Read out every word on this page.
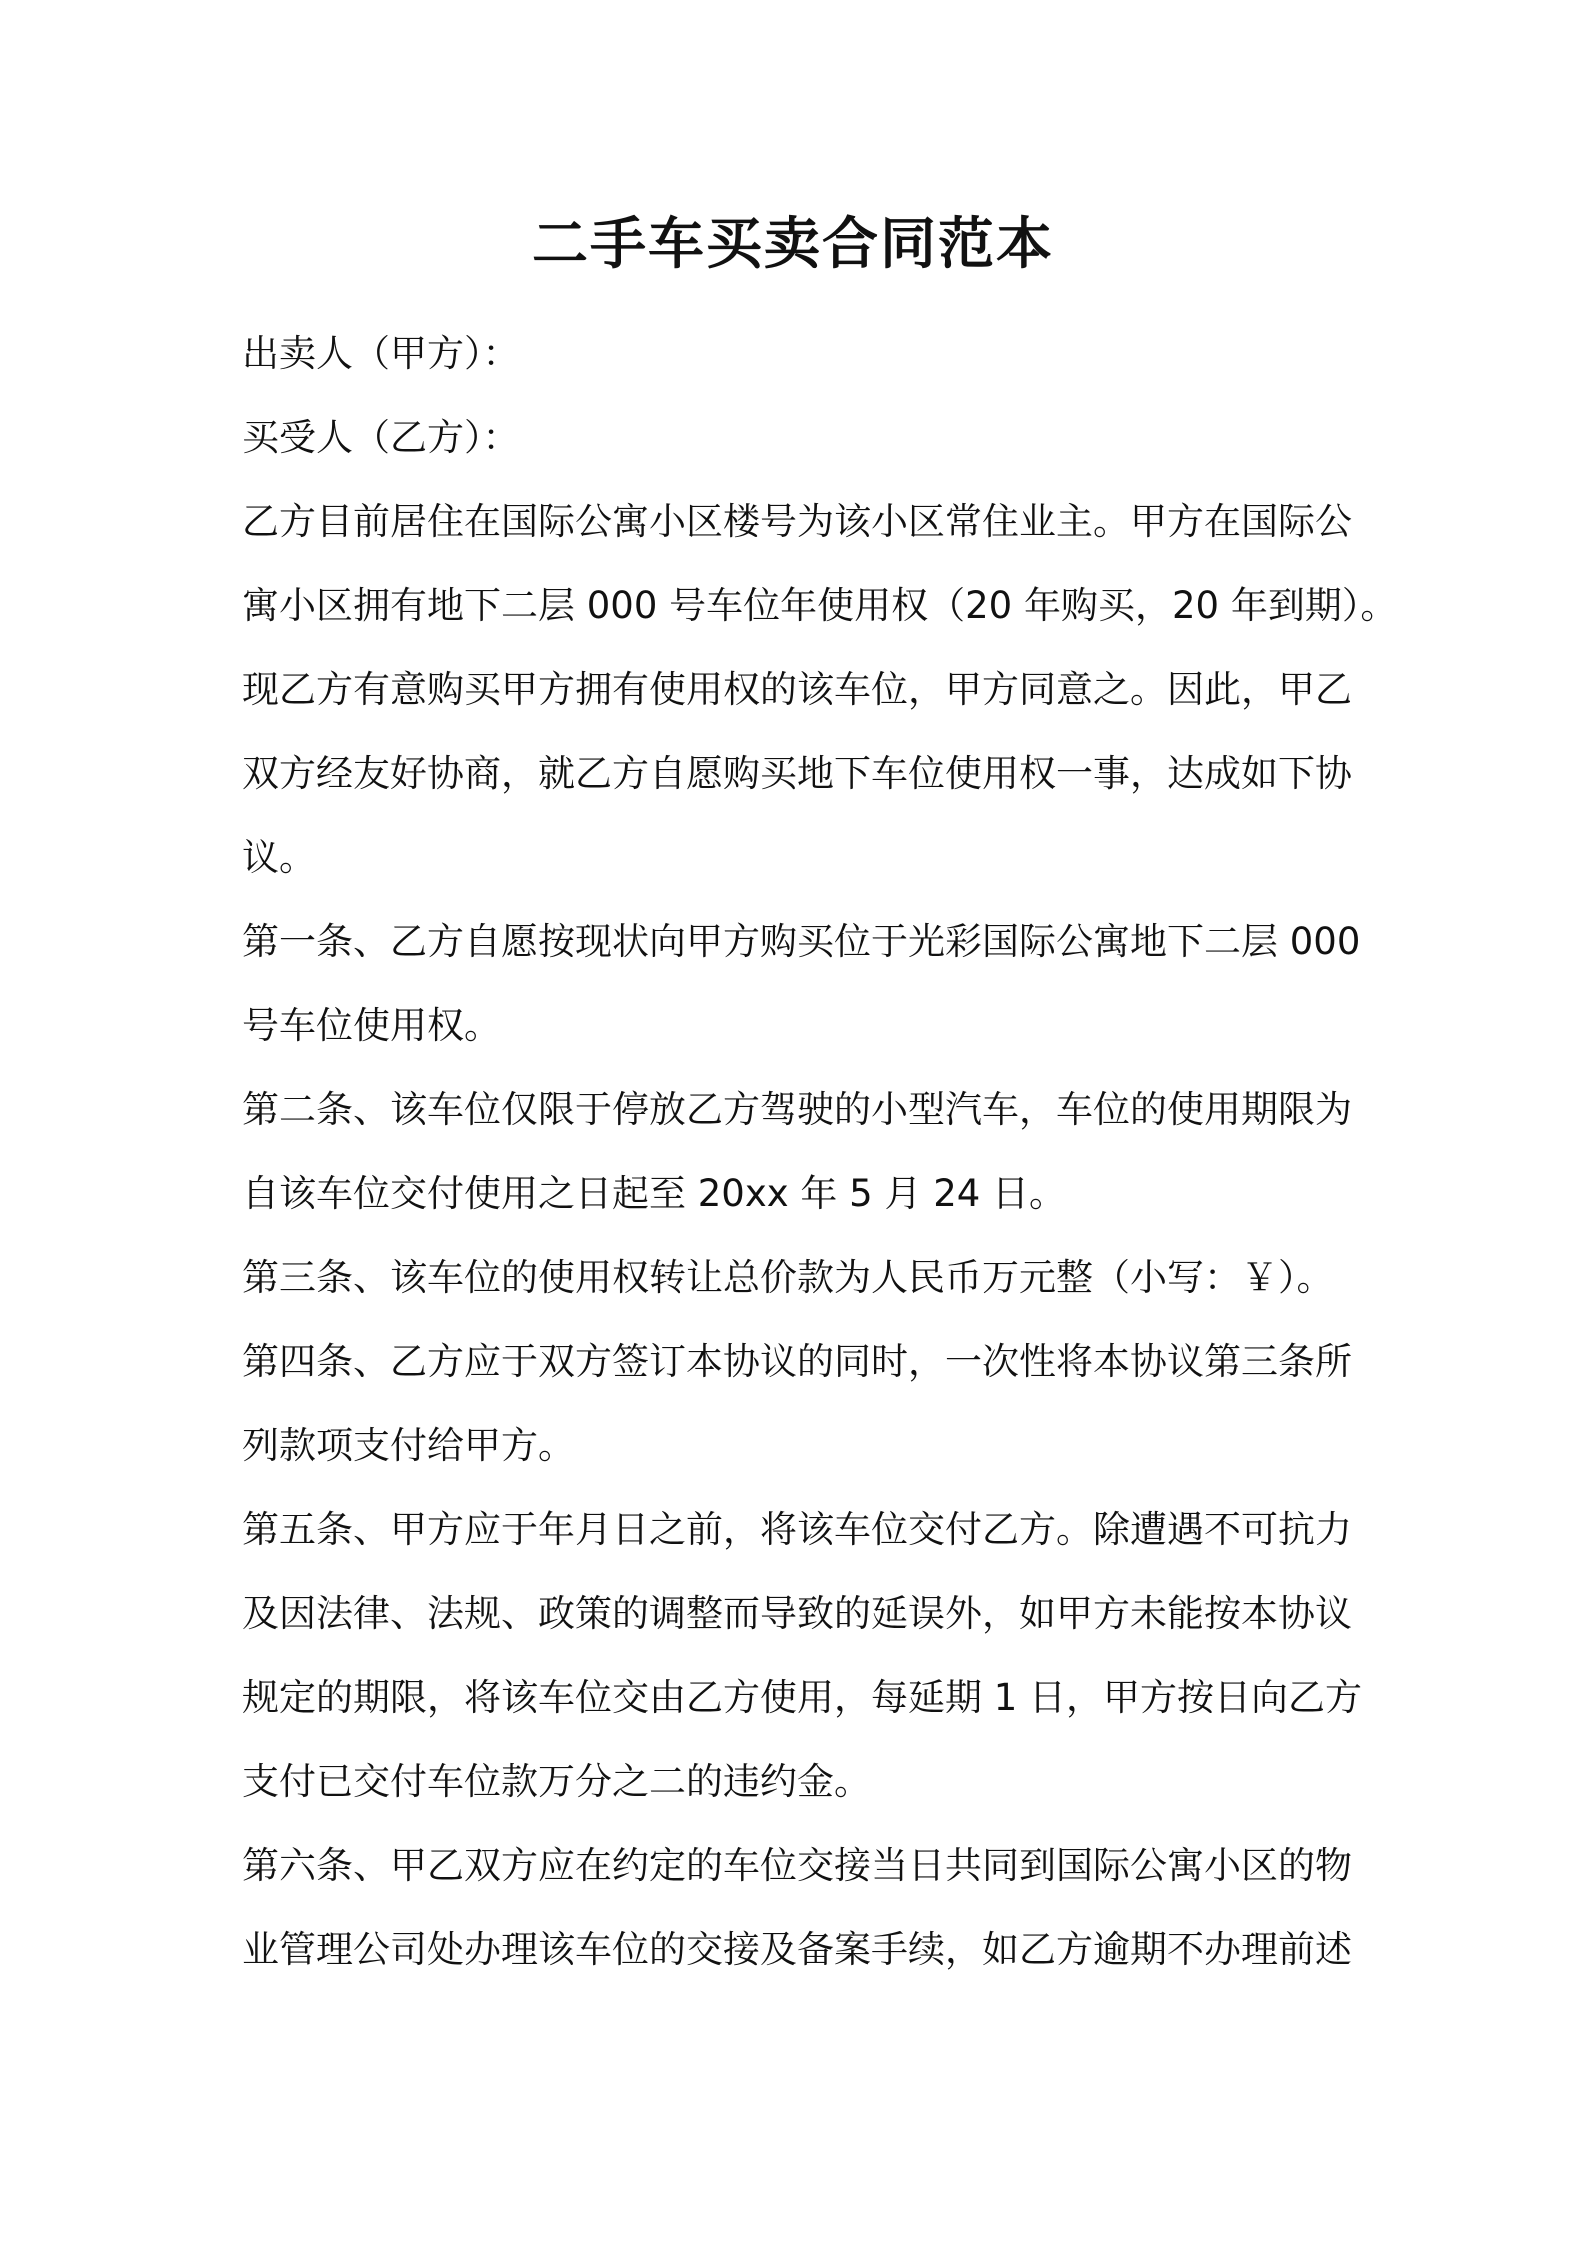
二手车买卖合同范本
出卖人（甲方）：
买受人（乙方）：
乙方目前居住在国际公寓小区楼号为该小区常住业主。甲方在国际公
寓小区拥有地下二层 000 号车位年使用权（20 年购买，20 年到期）。
现乙方有意购买甲方拥有使用权的该车位，甲方同意之。因此，甲乙
双方经友好协商，就乙方自愿购买地下车位使用权一事，达成如下协
议。
第一条、乙方自愿按现状向甲方购买位于光彩国际公寓地下二层 000
号车位使用权。
第二条、该车位仅限于停放乙方驾驶的小型汽车，车位的使用期限为
自该车位交付使用之日起至 20xx 年 5 月 24 日。
第三条、该车位的使用权转让总价款为人民币万元整（小写：￥）。
第四条、乙方应于双方签订本协议的同时，一次性将本协议第三条所
列款项支付给甲方。
第五条、甲方应于年月日之前，将该车位交付乙方。除遭遇不可抗力
及因法律、法规、政策的调整而导致的延误外，如甲方未能按本协议
规定的期限，将该车位交由乙方使用，每延期 1 日，甲方按日向乙方
支付已交付车位款万分之二的违约金。
第六条、甲乙双方应在约定的车位交接当日共同到国际公寓小区的物
业管理公司处办理该车位的交接及备案手续，如乙方逾期不办理前述
